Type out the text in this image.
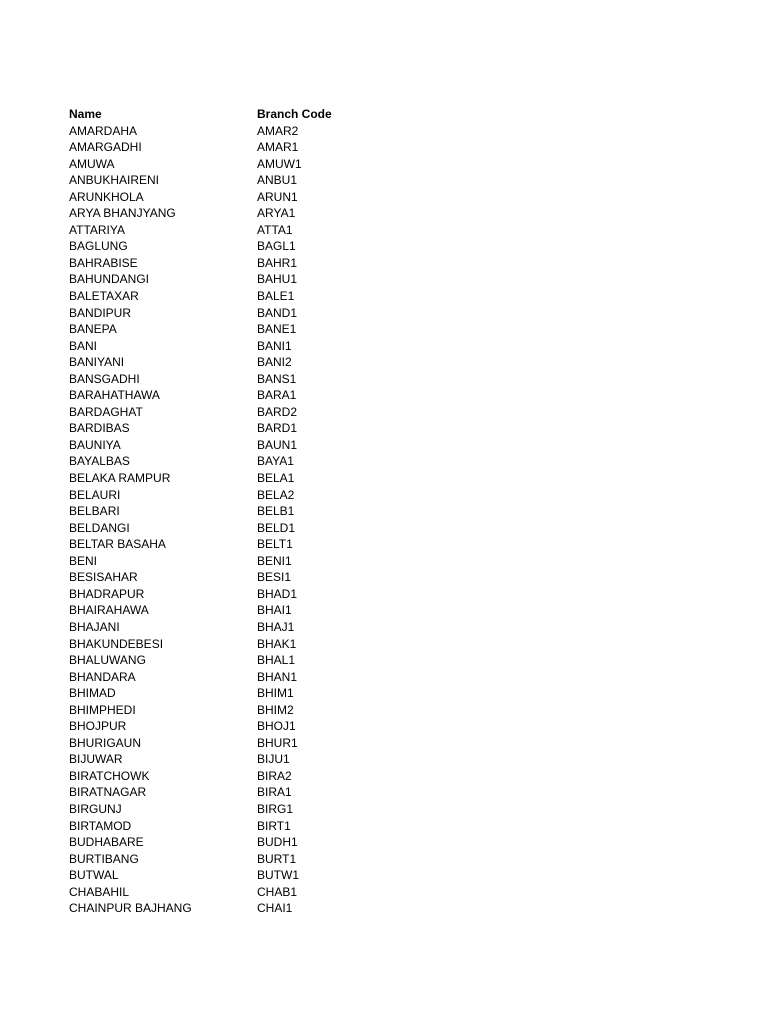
Name	Branch Code
AMARDAHA	AMAR2
AMARGADHI	AMAR1
AMUWA	AMUW1
ANBUKHAIRENI	ANBU1
ARUNKHOLA	ARUN1
ARYA BHANJYANG	ARYA1
ATTARIYA	ATTA1
BAGLUNG	BAGL1
BAHRABISE	BAHR1
BAHUNDANGI	BAHU1
BALETAXAR	BALE1
BANDIPUR	BAND1
BANEPA	BANE1
BANI	BANI1
BANIYANI	BANI2
BANSGADHI	BANS1
BARAHATHAWA	BARA1
BARDAGHAT	BARD2
BARDIBAS	BARD1
BAUNIYA	BAUN1
BAYALBAS	BAYA1
BELAKA RAMPUR	BELA1
BELAURI	BELA2
BELBARI	BELB1
BELDANGI	BELD1
BELTAR BASAHA	BELT1
BENI	BENI1
BESISAHAR	BESI1
BHADRAPUR	BHAD1
BHAIRAHAWA	BHAI1
BHAJANI	BHAJ1
BHAKUNDEBESI	BHAK1
BHALUWANG	BHAL1
BHANDARA	BHAN1
BHIMAD	BHIM1
BHIMPHEDI	BHIM2
BHOJPUR	BHOJ1
BHURIGAUN	BHUR1
BIJUWAR	BIJU1
BIRATCHOWK	BIRA2
BIRATNAGAR	BIRA1
BIRGUNJ	BIRG1
BIRTAMOD	BIRT1
BUDHABARE	BUDH1
BURTIBANG	BURT1
BUTWAL	BUTW1
CHABAHIL	CHAB1
CHAINPUR BAJHANG	CHAI1
